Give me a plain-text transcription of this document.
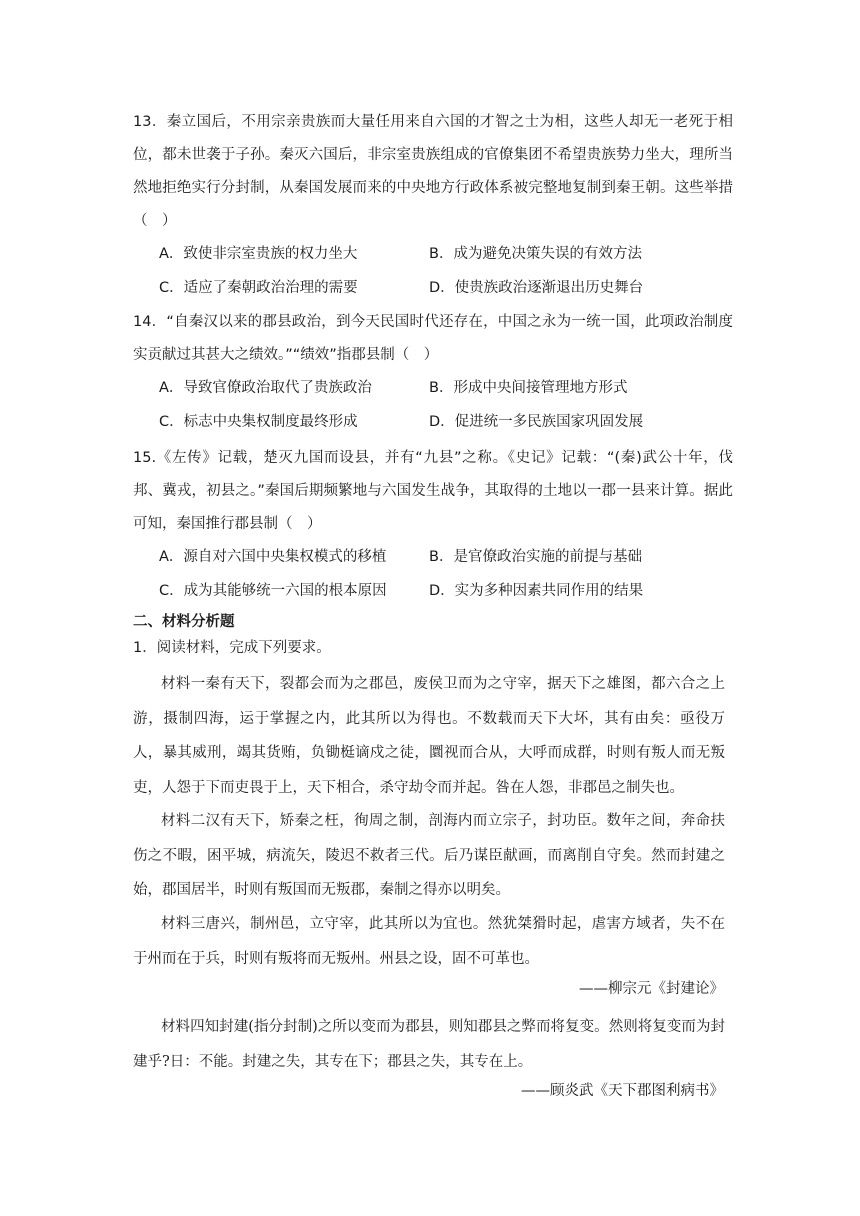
13．秦立国后，不用宗亲贵族而大量任用来自六国的才智之士为相，这些人却无一老死于相位，都未世袭于子孙。秦灭六国后，非宗室贵族组成的官僚集团不希望贵族势力坐大，理所当然地拒绝实行分封制，从秦国发展而来的中央地方行政体系被完整地复制到秦王朝。这些举措（　）

A．致使非宗室贵族的权力坐大	B．成为避免决策失误的有效方法
C．适应了秦朝政治治理的需要	D．使贵族政治逐渐退出历史舞台

14．“自秦汉以来的郡县政治，到今天民国时代还存在，中国之永为一统一国，此项政治制度实贡献过其甚大之绩效。”“绩效”指郡县制（　）

A．导致官僚政治取代了贵族政治	B．形成中央间接管理地方形式
C．标志中央集权制度最终形成	D．促进统一多民族国家巩固发展

15.《左传》记载，楚灭九国而设县，并有“九县”之称。《史记》记载：“(秦)武公十年，伐邦、冀戎，初县之。”秦国后期频繁地与六国发生战争，其取得的土地以一郡一县来计算。据此可知，秦国推行郡县制（　）

A．源自对六国中央集权模式的移植	B．是官僚政治实施的前提与基础
C．成为其能够统一六国的根本原因	D．实为多种因素共同作用的结果
二、材料分析题
1．阅读材料，完成下列要求。

材料一秦有天下，裂都会而为之郡邑，废侯卫而为之守宰，据天下之雄图，都六合之上游，摄制四海，运于掌握之内，此其所以为得也。不数载而天下大坏，其有由矣：亟役万人，暴其威刑，竭其货贿，负锄梃谪戍之徒，圜视而合从，大呼而成群，时则有叛人而无叛吏，人怨于下而吏畏于上，天下相合，杀守劫令而并起。咎在人怨，非郡邑之制失也。

材料二汉有天下，矫秦之枉，徇周之制，剖海内而立宗子，封功臣。数年之间，奔命扶伤之不暇，困平城，病流矢，陵迟不救者三代。后乃谋臣献画，而离削自守矣。然而封建之始，郡国居半，时则有叛国而无叛郡，秦制之得亦以明矣。

材料三唐兴，制州邑，立守宰，此其所以为宜也。然犹桀猾时起，虐害方域者，失不在于州而在于兵，时则有叛将而无叛州。州县之设，固不可革也。

——柳宗元《封建论》

材料四知封建(指分封制)之所以变而为郡县，则知郡县之弊而将复变。然则将复变而为封建乎?日：不能。封建之失，其专在下；郡县之失，其专在上。

——顾炎武《天下郡图利病书》
